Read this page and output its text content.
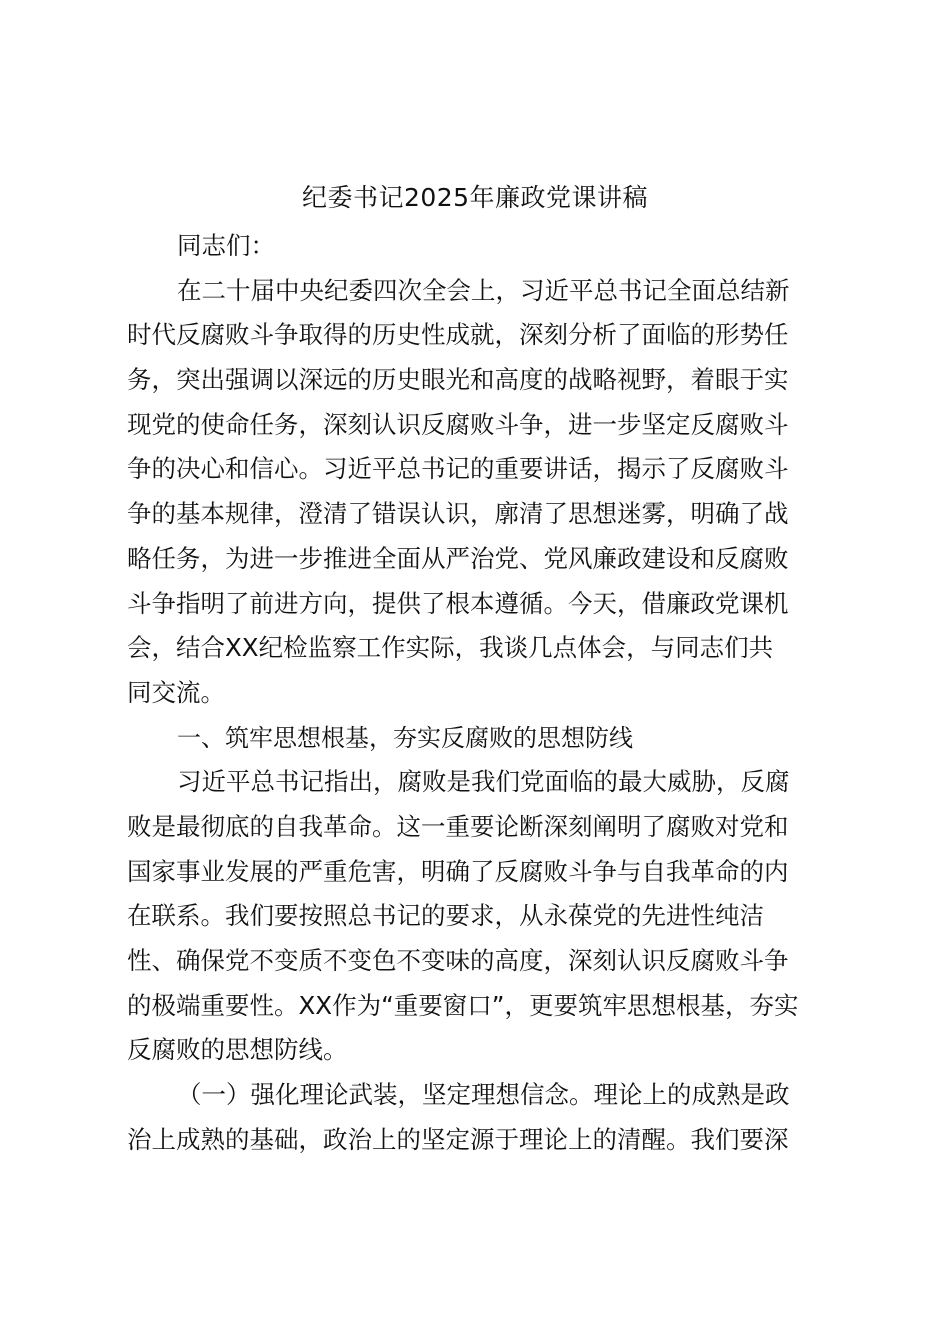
纪委书记2025年廉政党课讲稿
同志们：
在二十届中央纪委四次全会上，习近平总书记全面总结新
时代反腐败斗争取得的历史性成就，深刻分析了面临的形势任
务，突出强调以深远的历史眼光和高度的战略视野，着眼于实
现党的使命任务，深刻认识反腐败斗争，进一步坚定反腐败斗
争的决心和信心。习近平总书记的重要讲话，揭示了反腐败斗
争的基本规律，澄清了错误认识，廓清了思想迷雾，明确了战
略任务，为进一步推进全面从严治党、党风廉政建设和反腐败
斗争指明了前进方向，提供了根本遵循。今天，借廉政党课机
会，结合XX纪检监察工作实际，我谈几点体会，与同志们共
同交流。
一、筑牢思想根基，夯实反腐败的思想防线
习近平总书记指出，腐败是我们党面临的最大威胁，反腐
败是最彻底的自我革命。这一重要论断深刻阐明了腐败对党和
国家事业发展的严重危害，明确了反腐败斗争与自我革命的内
在联系。我们要按照总书记的要求，从永葆党的先进性纯洁
性、确保党不变质不变色不变味的高度，深刻认识反腐败斗争
的极端重要性。XX作为“重要窗口”，更要筑牢思想根基，夯实
反腐败的思想防线。
（一）强化理论武装，坚定理想信念。理论上的成熟是政
治上成熟的基础，政治上的坚定源于理论上的清醒。我们要深
